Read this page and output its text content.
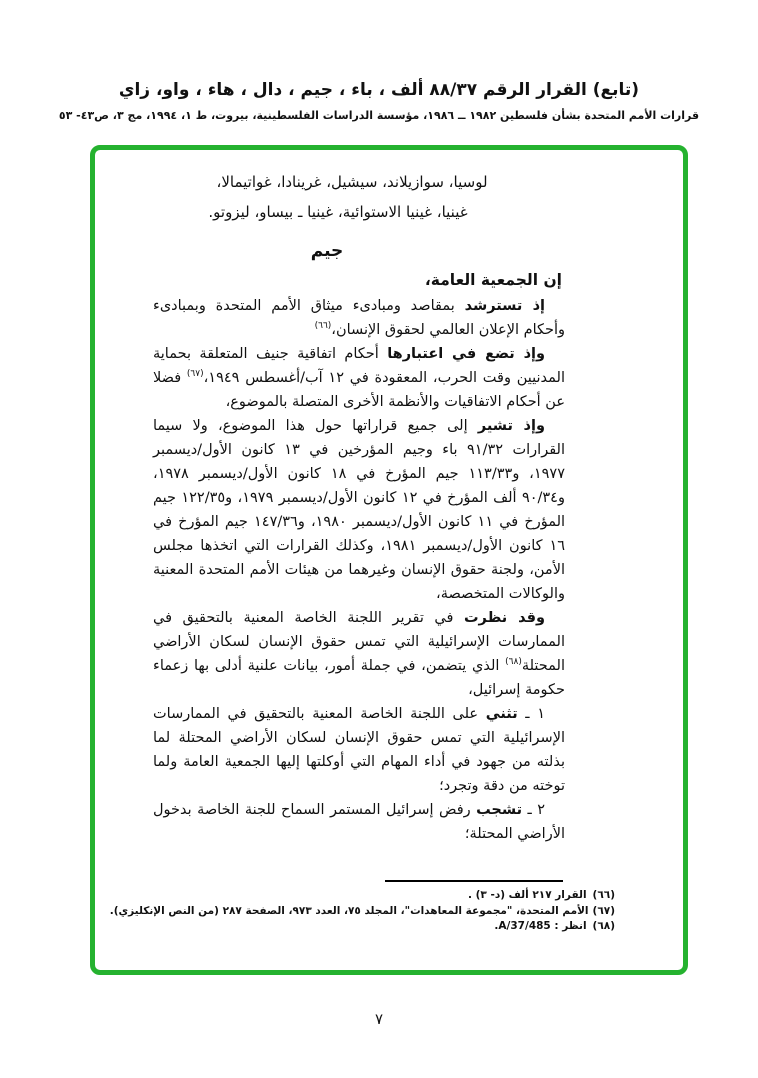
(تابع) القرار الرقم ٨٨/٣٧ ألف ، باء ، جيم ، دال ، هاء ، واو، زاي
قرارات الأمم المتحدة بشأن فلسطين ١٩٨٢ ــ ١٩٨٦، مؤسسة الدراسات الفلسطينية، بيروت، ط ١، ١٩٩٤، مج ٣، ص٤٣- ٥٣
لوسيا، سوازيلاند، سيشيل، غرينادا، غواتيمالا،
غينيا، غينيا الاستوائية، غينيا ـ بيساو، ليزوتو.
جيم
إن الجمعية العامة،

إذ تسترشد بمقاصد ومبادىء ميثاق الأمم المتحدة وبمبادىء وأحكام الإعلان العالمي لحقوق الإنسان،$^{(٦٦)}$

وإذ تضع في اعتبارها أحكام اتفاقية جنيف المتعلقة بحماية المدنيين وقت الحرب، المعقودة في ١٢ آب/أغسطس ١٩٤٩،$^{(٦٧)}$ فضلا عن أحكام الاتفاقيات والأنظمة الأخرى المتصلة بالموضوع،

وإذ تشير إلى جميع قراراتها حول هذا الموضوع، ولا سيما القرارات ٩١/٣٢ باء وجيم المؤرخين في ١٣ كانون الأول/ديسمبر ١٩٧٧، و١١٣/٣٣ جيم المؤرخ في ١٨ كانون الأول/ديسمبر ١٩٧٨، و٩٠/٣٤ ألف المؤرخ في ١٢ كانون الأول/ديسمبر ١٩٧٩، و١٢٢/٣٥ جيم المؤرخ في ١١ كانون الأول/ديسمبر ١٩٨٠، و١٤٧/٣٦ جيم المؤرخ في ١٦ كانون الأول/ديسمبر ١٩٨١، وكذلك القرارات التي اتخذها مجلس الأمن، ولجنة حقوق الإنسان وغيرهما من هيئات الأمم المتحدة المعنية والوكالات المتخصصة،

وقد نظرت في تقرير اللجنة الخاصة المعنية بالتحقيق في الممارسات الإسرائيلية التي تمس حقوق الإنسان لسكان الأراضي المحتلة$^{(٦٨)}$ الذي يتضمن، في جملة أمور، بيانات علنية أدلى بها زعماء حكومة إسرائيل،

١ ـ تثني على اللجنة الخاصة المعنية بالتحقيق في الممارسات الإسرائيلية التي تمس حقوق الإنسان لسكان الأراضي المحتلة لما بذلته من جهود في أداء المهام التي أوكلتها إليها الجمعية العامة ولما توخته من دقة وتجرد؛

٢ ـ تشجب رفض إسرائيل المستمر السماح للجنة الخاصة بدخول الأراضي المحتلة؛

(٦٦)القرار ٢١٧ ألف (د- ٣) .
(٦٧)الأمم المتحدة، "مجموعة المعاهدات"، المجلد ٧٥، العدد ٩٧٣، الصفحة ٢٨٧ (من النص الإنكليزي).
(٦٨)انظر : A/37/485.
٧
